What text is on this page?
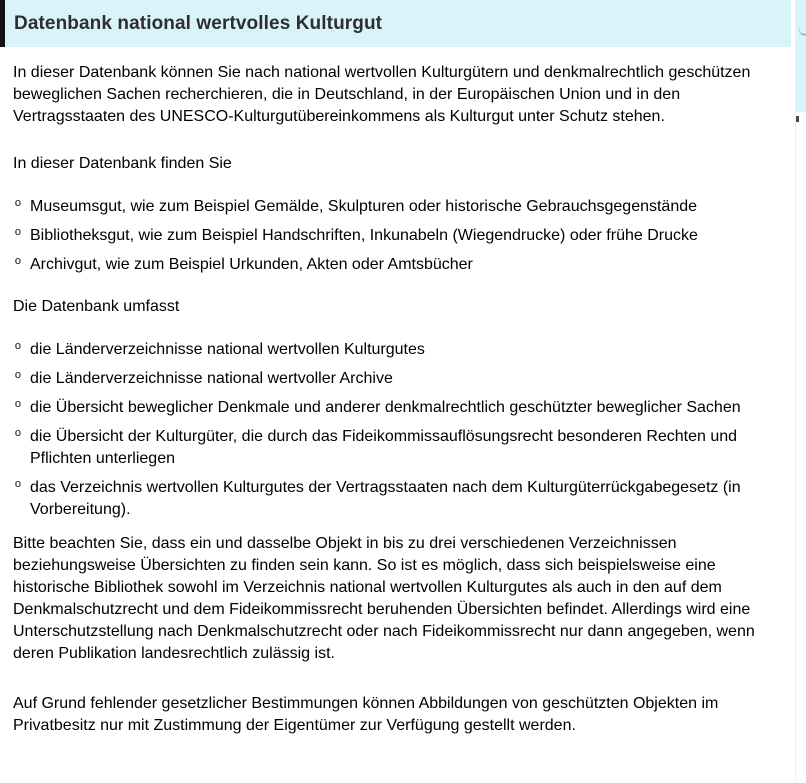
Datenbank national wertvolles Kulturgut

In dieser Datenbank können Sie nach national wertvollen Kulturgütern und denkmalrechtlich geschützen beweglichen Sachen recherchieren, die in Deutschland, in der Europäischen Union und in den Vertragsstaaten des UNESCO-Kulturgutübereinkommens als Kulturgut unter Schutz stehen.

In dieser Datenbank finden Sie

º Museumsgut, wie zum Beispiel Gemälde, Skulpturen oder historische Gebrauchsgegenstände
º Bibliotheksgut, wie zum Beispiel Handschriften, Inkunabeln (Wiegendrucke) oder frühe Drucke
º Archivgut, wie zum Beispiel Urkunden, Akten oder Amtsbücher

Die Datenbank umfasst

º die Länderverzeichnisse national wertvollen Kulturgutes
º die Länderverzeichnisse national wertvoller Archive
º die Übersicht beweglicher Denkmale und anderer denkmalrechtlich geschützter beweglicher Sachen
º die Übersicht der Kulturgüter, die durch das Fideikommissauflösungsrecht besonderen Rechten und Pflichten unterliegen
º das Verzeichnis wertvollen Kulturgutes der Vertragsstaaten nach dem Kulturgüterrückgabegesetz (in Vorbereitung).

Bitte beachten Sie, dass ein und dasselbe Objekt in bis zu drei verschiedenen Verzeichnissen beziehungsweise Übersichten zu finden sein kann. So ist es möglich, dass sich beispielsweise eine historische Bibliothek sowohl im Verzeichnis national wertvollen Kulturgutes als auch in den auf dem Denkmalschutzrecht und dem Fideikommissrecht beruhenden Übersichten befindet. Allerdings wird eine Unterschutzstellung nach Denkmalschutzrecht oder nach Fideikommissrecht nur dann angegeben, wenn deren Publikation landesrechtlich zulässig ist.

Auf Grund fehlender gesetzlicher Bestimmungen können Abbildungen von geschützten Objekten im Privatbesitz nur mit Zustimmung der Eigentümer zur Verfügung gestellt werden.
